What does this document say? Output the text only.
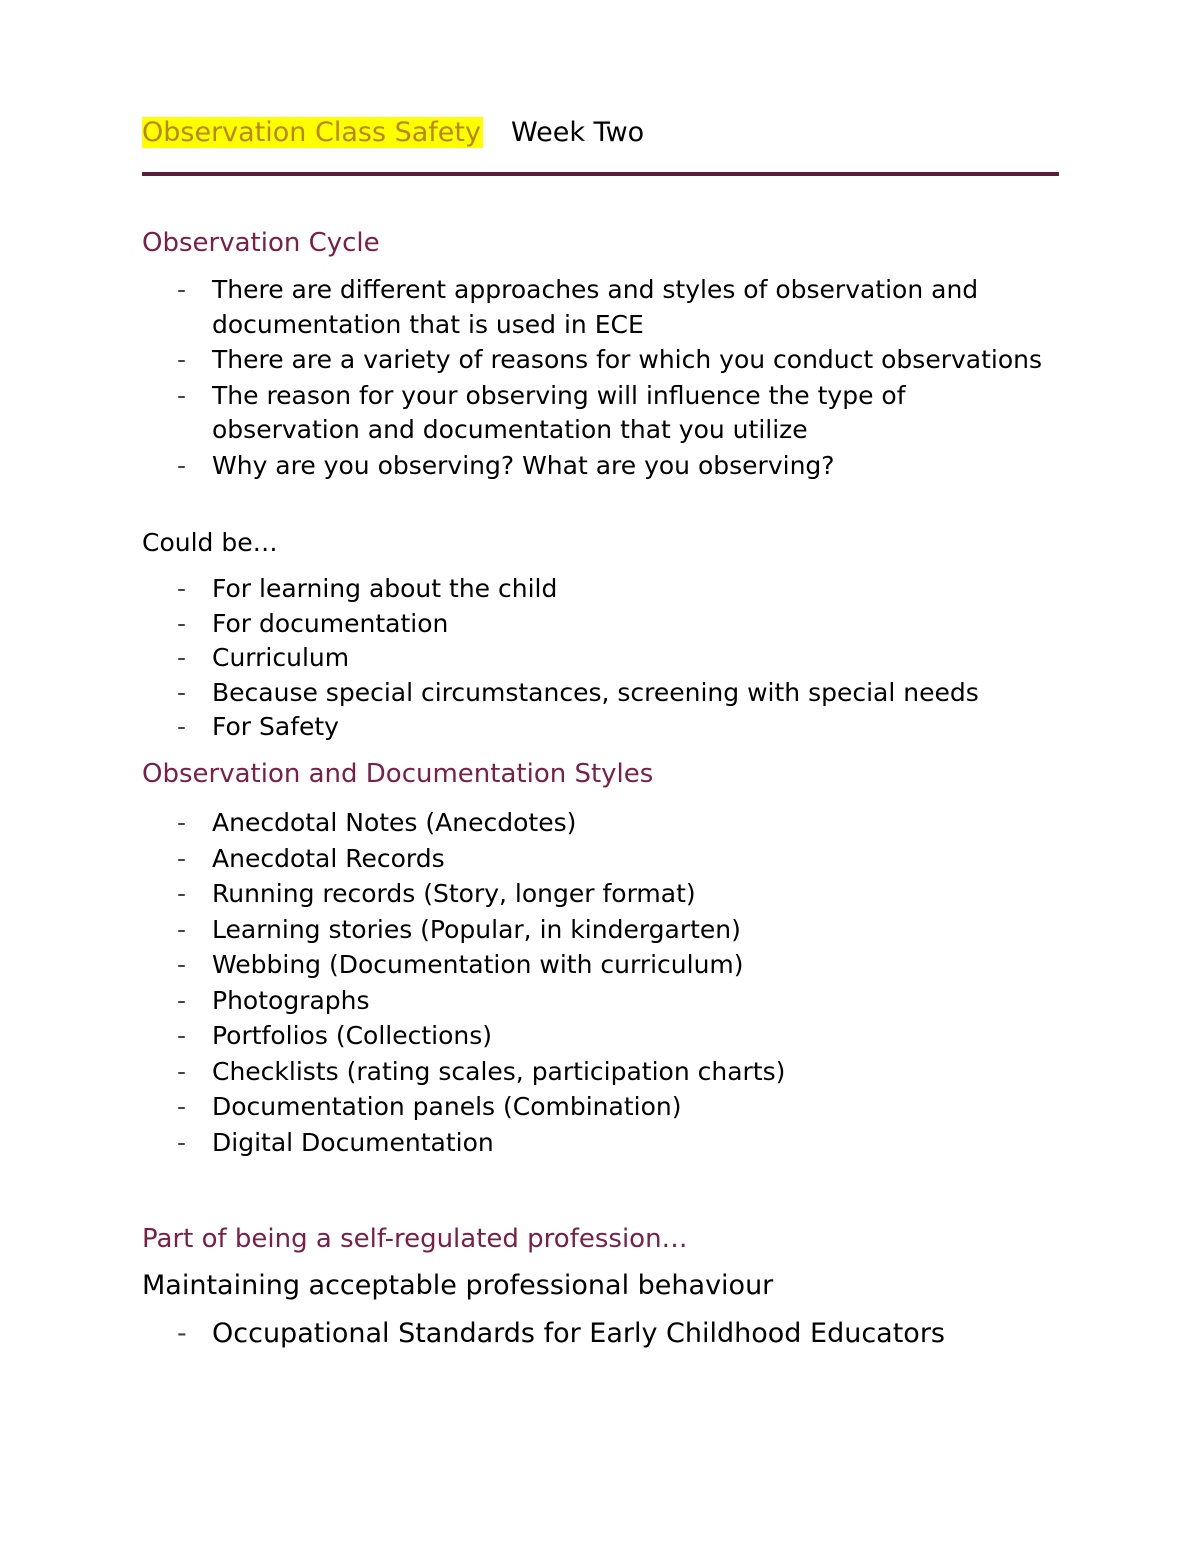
Observation Class Safety Week Two
Observation Cycle
- There are different approaches and styles of observation and documentation that is used in ECE
- There are a variety of reasons for which you conduct observations
- The reason for your observing will influence the type of observation and documentation that you utilize
- Why are you observing? What are you observing?
Could be…
- For learning about the child
- For documentation
- Curriculum
- Because special circumstances, screening with special needs
- For Safety
Observation and Documentation Styles
- Anecdotal Notes (Anecdotes)
- Anecdotal Records
- Running records (Story, longer format)
- Learning stories (Popular, in kindergarten)
- Webbing (Documentation with curriculum)
- Photographs
- Portfolios (Collections)
- Checklists (rating scales, participation charts)
- Documentation panels (Combination)
- Digital Documentation
Part of being a self-regulated profession…
Maintaining acceptable professional behaviour
- Occupational Standards for Early Childhood Educators
